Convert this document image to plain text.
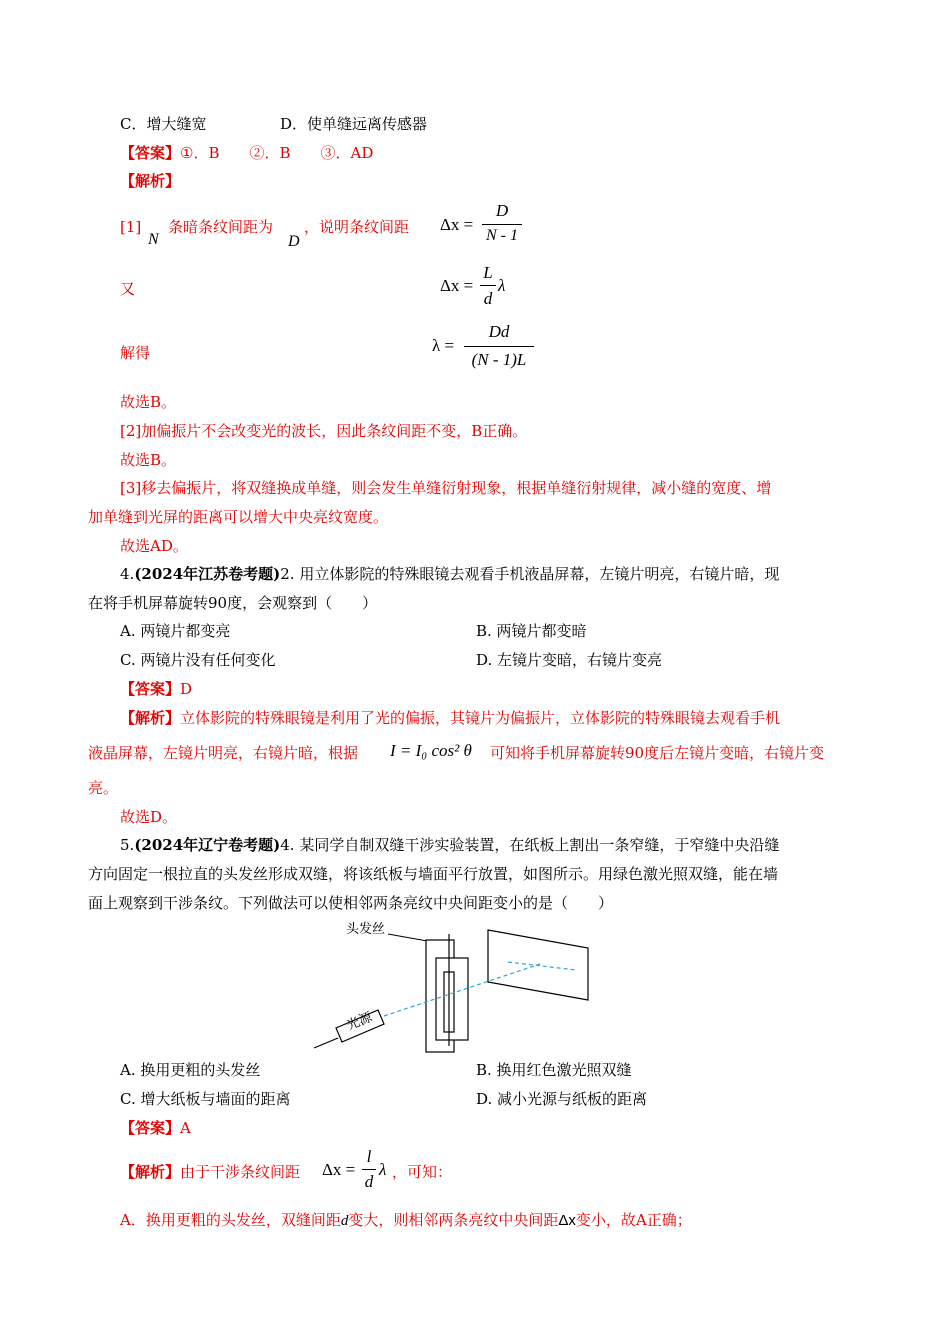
C．增大缝宽	D．使单缝远离传感器
【答案】①．B　　②．B　　③．AD
【解析】
[1]
N
条暗条纹间距为
D
，说明条纹间距 Δx =
D
N - 1
又	Δx =
L
d
λ
解得	λ =
Dd
(N - 1)L
故选B。
[2]加偏振片不会改变光的波长，因此条纹间距不变，B正确。
故选B。
[3]移去偏振片，将双缝换成单缝，则会发生单缝衍射现象，根据单缝衍射规律，减小缝的宽度、增
加单缝到光屏的距离可以增大中央亮纹宽度。
故选AD。
4.(2024年江苏卷考题)2. 用立体影院的特殊眼镜去观看手机液晶屏幕，左镜片明亮，右镜片暗，现
在将手机屏幕旋转90度，会观察到（　　）
A. 两镜片都变亮	B. 两镜片都变暗
C. 两镜片没有任何变化	D. 左镜片变暗，右镜片变亮
【答案】D
【解析】立体影院的特殊眼镜是利用了光的偏振，其镜片为偏振片，立体影院的特殊眼镜去观看手机
液晶屏幕，左镜片明亮，右镜片暗，根据 I = I₀ cos² θ 可知将手机屏幕旋转90度后左镜片变暗，右镜片变
亮。
故选D。
5.(2024年辽宁卷考题)4. 某同学自制双缝干涉实验装置，在纸板上割出一条窄缝，于窄缝中央沿缝
方向固定一根拉直的头发丝形成双缝，将该纸板与墙面平行放置，如图所示。用绿色激光照双缝，能在墙
面上观察到干涉条纹。下列做法可以使相邻两条亮纹中央间距变小的是（　　）
头发丝
光源
A. 换用更粗的头发丝	B. 换用红色激光照双缝
C. 增大纸板与墙面的距离	D. 减小光源与纸板的距离
【答案】A
【解析】由于干涉条纹间距 Δx =
l
d
λ ，可知：
A．换用更粗的头发丝，双缝间距d变大，则相邻两条亮纹中央间距Δx变小，故A正确；
